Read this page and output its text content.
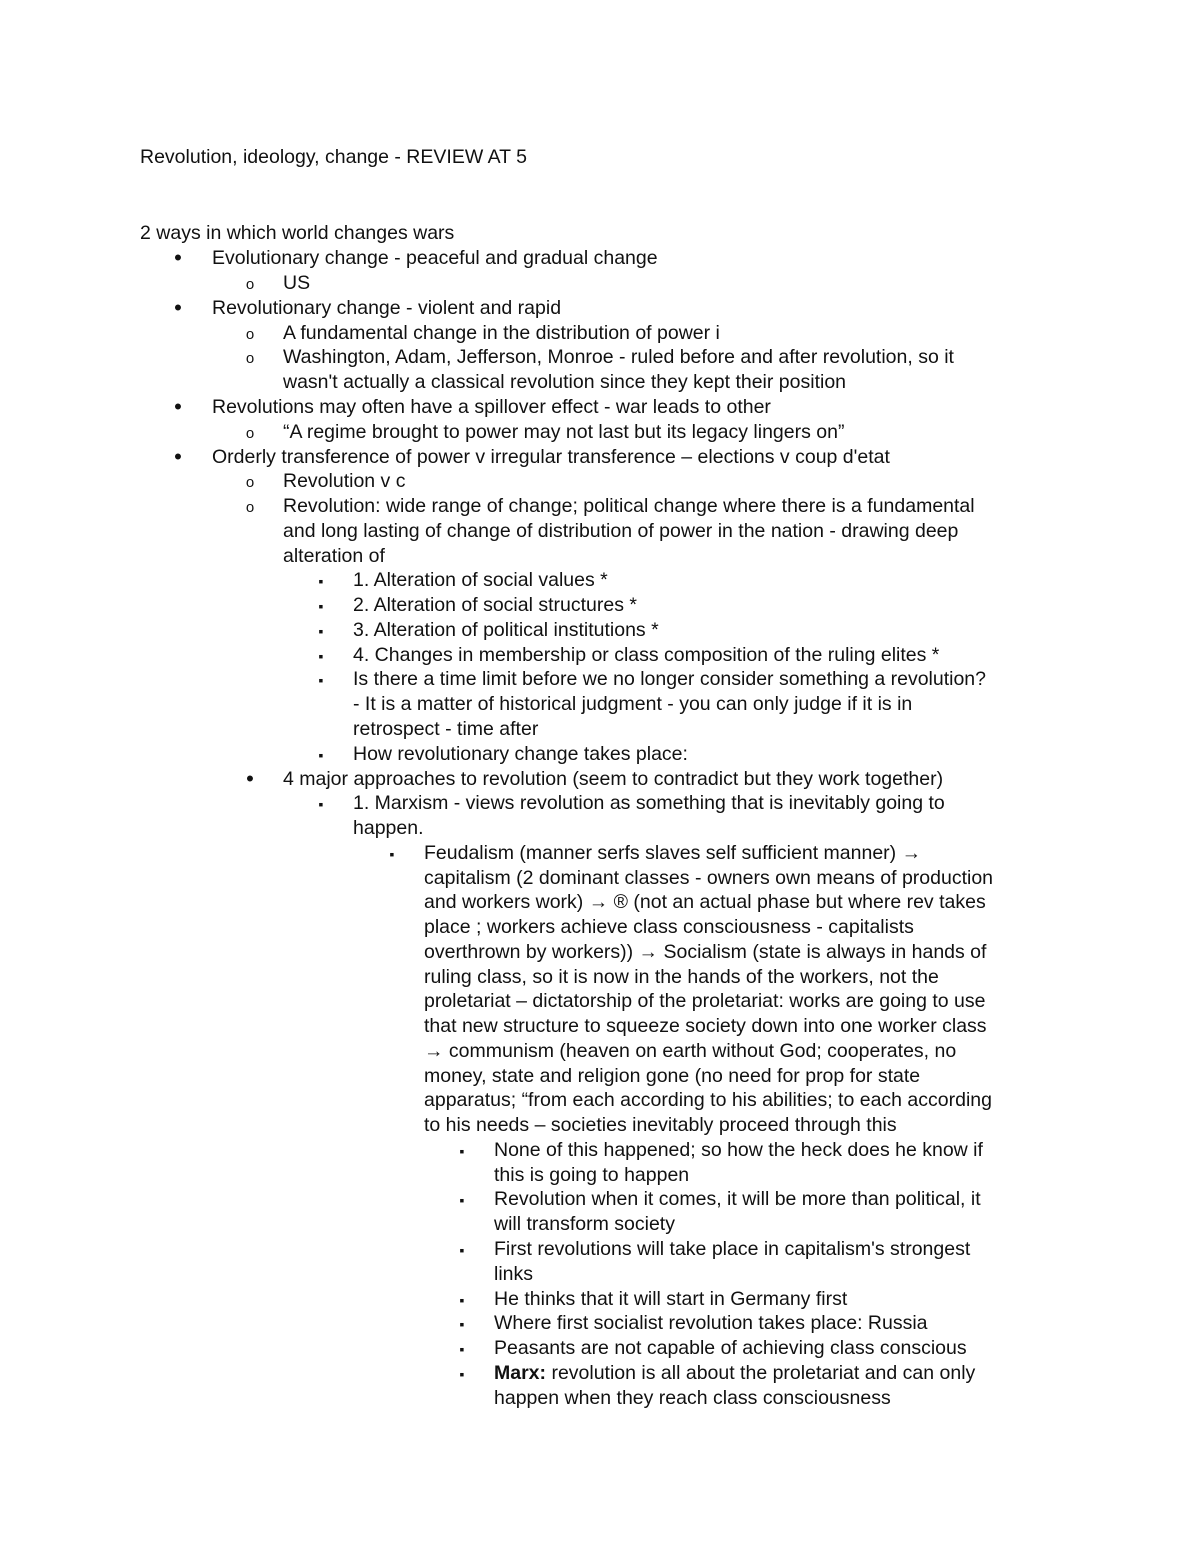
Revolution, ideology, change - REVIEW AT 5
2 ways in which world changes wars
•
Evolutionary change - peaceful and gradual change
o
US
•
Revolutionary change - violent and rapid
o
A fundamental change in the distribution of power i
o
Washington, Adam, Jefferson, Monroe - ruled before and after revolution, so it
wasn't actually a classical revolution since they kept their position
•
Revolutions may often have a spillover effect - war leads to other
o
“A regime brought to power may not last but its legacy lingers on”
•
Orderly transference of power v irregular transference – elections v coup d'etat
o
Revolution v c
o
Revolution: wide range of change; political change where there is a fundamental
and long lasting of change of distribution of power in the nation - drawing deep
alteration of
▪
1. Alteration of social values *
▪
2. Alteration of social structures *
▪
3. Alteration of political institutions *
▪
4. Changes in membership or class composition of the ruling elites *
▪
Is there a time limit before we no longer consider something a revolution?
- It is a matter of historical judgment - you can only judge if it is in
retrospect - time after
▪
How revolutionary change takes place:
•
4 major approaches to revolution (seem to contradict but they work together)
▪
1. Marxism - views revolution as something that is inevitably going to
happen.
▪
Feudalism (manner serfs slaves self sufficient manner) →
capitalism (2 dominant classes - owners own means of production
and workers work) → ® (not an actual phase but where rev takes
place ; workers achieve class consciousness - capitalists
overthrown by workers)) → Socialism (state is always in hands of
ruling class, so it is now in the hands of the workers, not the
proletariat – dictatorship of the proletariat: works are going to use
that new structure to squeeze society down into one worker class
→ communism (heaven on earth without God; cooperates, no
money, state and religion gone (no need for prop for state
apparatus; “from each according to his abilities; to each according
to his needs – societies inevitably proceed through this
▪
None of this happened; so how the heck does he know if
this is going to happen
▪
Revolution when it comes, it will be more than political, it
will transform society
▪
First revolutions will take place in capitalism's strongest
links
▪
He thinks that it will start in Germany first
▪
Where first socialist revolution takes place: Russia
▪
Peasants are not capable of achieving class conscious
▪
Marx: revolution is all about the proletariat and can only
happen when they reach class consciousness
